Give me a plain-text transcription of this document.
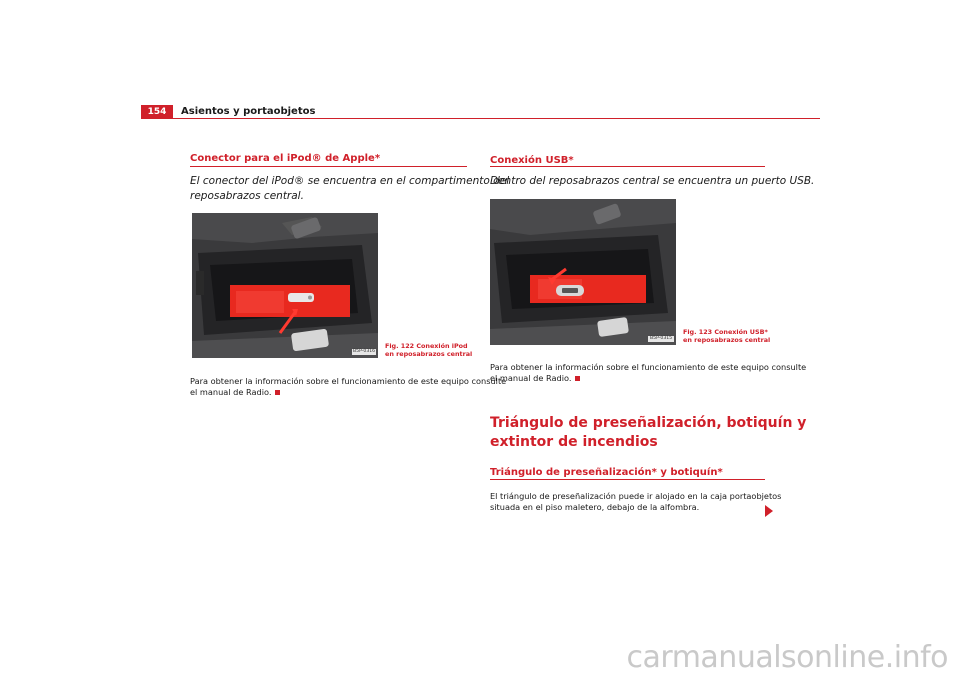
154	Asientos y portaobjetos
Conector para el iPod® de Apple*
El conector del iPod® se encuentra en el compartimento del
reposabrazos central.
B5P-0316
Fig. 122 Conexión iPod
en reposabrazos central
Para obtener la información sobre el funcionamiento de este equipo consulte
el manual de Radio.
Conexión USB*
Dentro del reposabrazos central se encuentra un puerto USB.
B5P-0315
Fig. 123 Conexión USB*
en reposabrazos central
Para obtener la información sobre el funcionamiento de este equipo consulte
el manual de Radio.
Triángulo de preseñalización, botiquín y
extintor de incendios
Triángulo de preseñalización* y botiquín*
El triángulo de preseñalización puede ir alojado en la caja portaobjetos
situada en el piso maletero, debajo de la alfombra.
carmanualsonline.info
